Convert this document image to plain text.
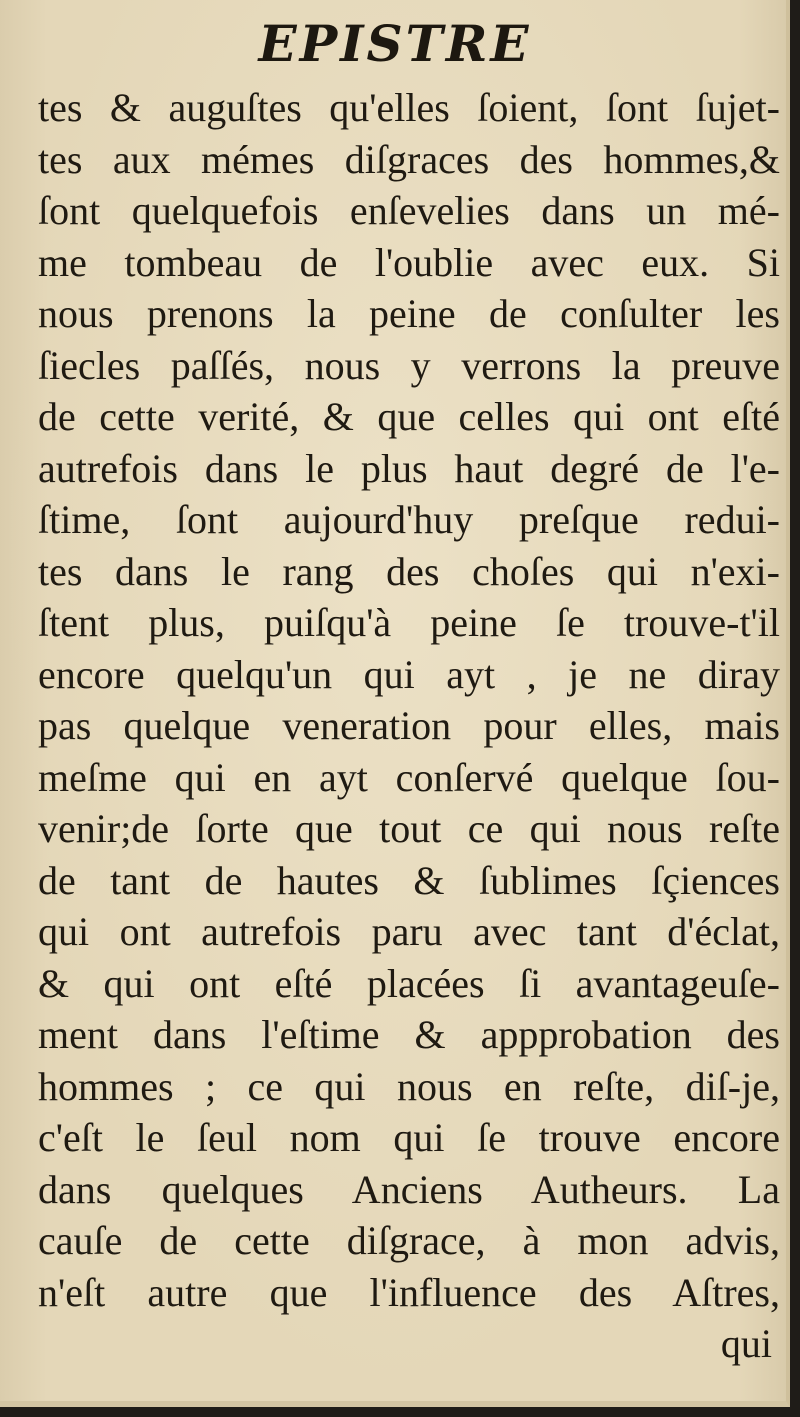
EPISTRE
tes & auguſtes qu'elles ſoient, ſont ſujet-
tes aux mémes diſgraces des hommes,&
ſont quelquefois enſevelies dans un mé-
me tombeau de l'oublie avec eux. Si
nous prenons la peine de conſulter les
ſiecles paſſés, nous y verrons la preuve
de cette verité, & que celles qui ont eſté
autrefois dans le plus haut degré de l'e-
ſtime, ſont aujourd'huy preſque redui-
tes dans le rang des choſes qui n'exi-
ſtent plus, puiſqu'à peine ſe trouve-t'il
encore quelqu'un qui ayt , je ne diray
pas quelque veneration pour elles, mais
meſme qui en ayt conſervé quelque ſou-
venir;de ſorte que tout ce qui nous reſte
de tant de hautes & ſublimes ſçiences
qui ont autrefois paru avec tant d'éclat,
& qui ont eſté placées ſi avantageuſe-
ment dans l'eſtime & appprobation des
hommes ; ce qui nous en reſte, diſ-je,
c'eſt le ſeul nom qui ſe trouve encore
dans quelques Anciens Autheurs. La
cauſe de cette diſgrace, à mon advis,
n'eſt autre que l'influence des Aſtres,
qui
